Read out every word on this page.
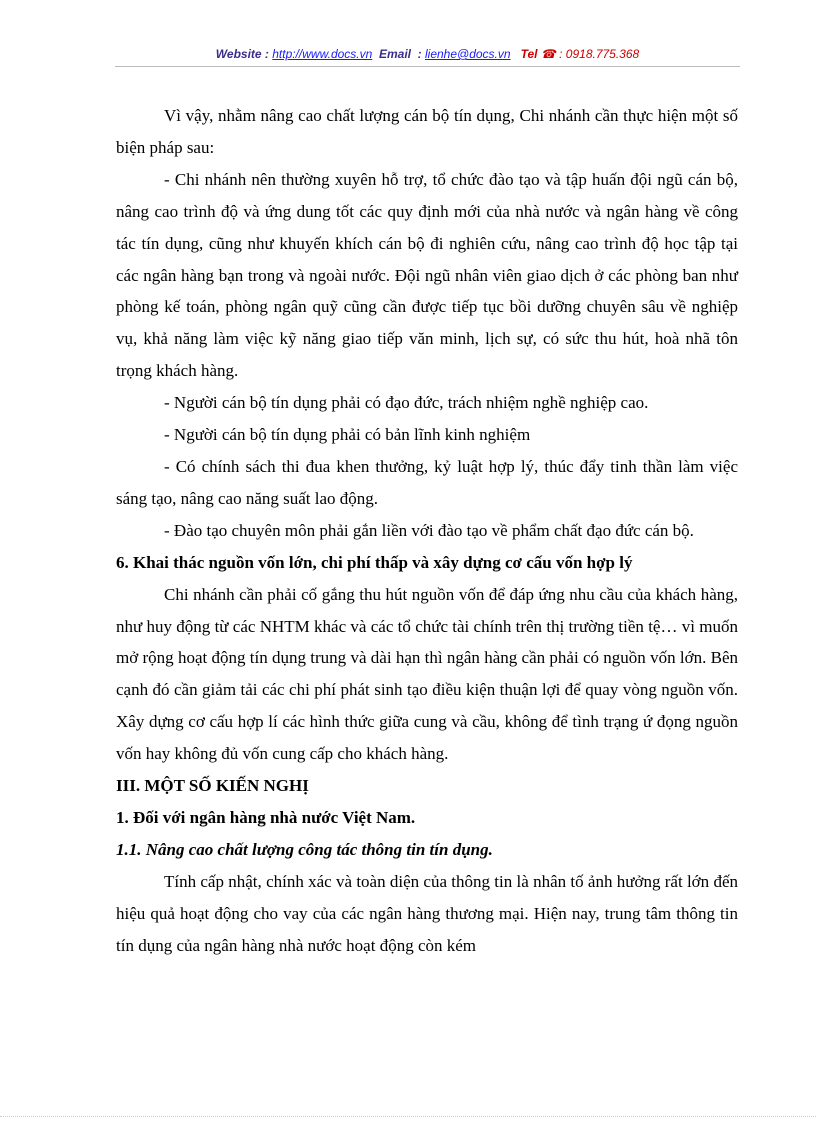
Website : http://www.docs.vn Email  : lienhe@docs.vn Tel ☎ : 0918.775.368

Vì vậy, nhằm nâng cao chất lượng cán bộ tín dụng, Chi nhánh cần thực hiện một số biện pháp sau:

- Chi nhánh nên thường xuyên hỗ trợ, tổ chức đào tạo và tập huấn đội ngũ cán bộ, nâng cao trình độ và ứng dung tốt các quy định mới của nhà nước và ngân hàng về công tác tín dụng, cũng như khuyến khích cán bộ đi nghiên cứu, nâng cao trình độ học tập tại các ngân hàng bạn trong và ngoài nước. Đội ngũ nhân viên giao dịch ở các phòng ban như phòng kế toán, phòng ngân quỹ cũng cần được tiếp tục bồi dưỡng chuyên sâu về nghiệp vụ, khả năng làm việc kỹ năng giao tiếp văn minh, lịch sự, có sức thu hút, hoà nhã tôn trọng khách hàng.

- Người cán bộ tín dụng phải có đạo đức, trách nhiệm nghề nghiệp cao.

- Người cán bộ tín dụng phải có bản lĩnh kinh nghiệm

- Có chính sách thi đua khen thưởng, kỷ luật hợp lý, thúc đẩy tinh thần làm việc sáng tạo, nâng cao năng suất lao động.

- Đào tạo chuyên môn phải gắn liền với đào tạo về phẩm chất đạo đức cán bộ.

6. Khai thác nguồn vốn lớn, chi phí thấp và xây dựng cơ cấu vốn hợp lý

Chi nhánh cần phải cố gắng thu hút nguồn vốn để đáp ứng nhu cầu của khách hàng, như huy động từ các NHTM khác và các tổ chức tài chính trên thị trường tiền tệ… vì muốn mở rộng hoạt động tín dụng trung và dài hạn thì ngân hàng cần phải có nguồn vốn lớn. Bên cạnh đó cần giảm tải các chi phí phát sinh tạo điều kiện thuận lợi để quay vòng nguồn vốn. Xây dựng cơ cấu hợp lí các hình thức giữa cung và cầu, không để tình trạng ứ đọng nguồn vốn hay không đủ vốn cung cấp cho khách hàng.

III. MỘT SỐ KIẾN NGHỊ

1. Đối với ngân hàng nhà nước Việt Nam.

1.1. Nâng cao chất lượng công tác thông tin tín dụng.

Tính cấp nhật, chính xác và toàn diện của thông tin là nhân tố ảnh hưởng rất lớn đến hiệu quả hoạt động cho vay của các ngân hàng thương mại. Hiện nay, trung tâm thông tin tín dụng của ngân hàng nhà nước hoạt động còn kém
